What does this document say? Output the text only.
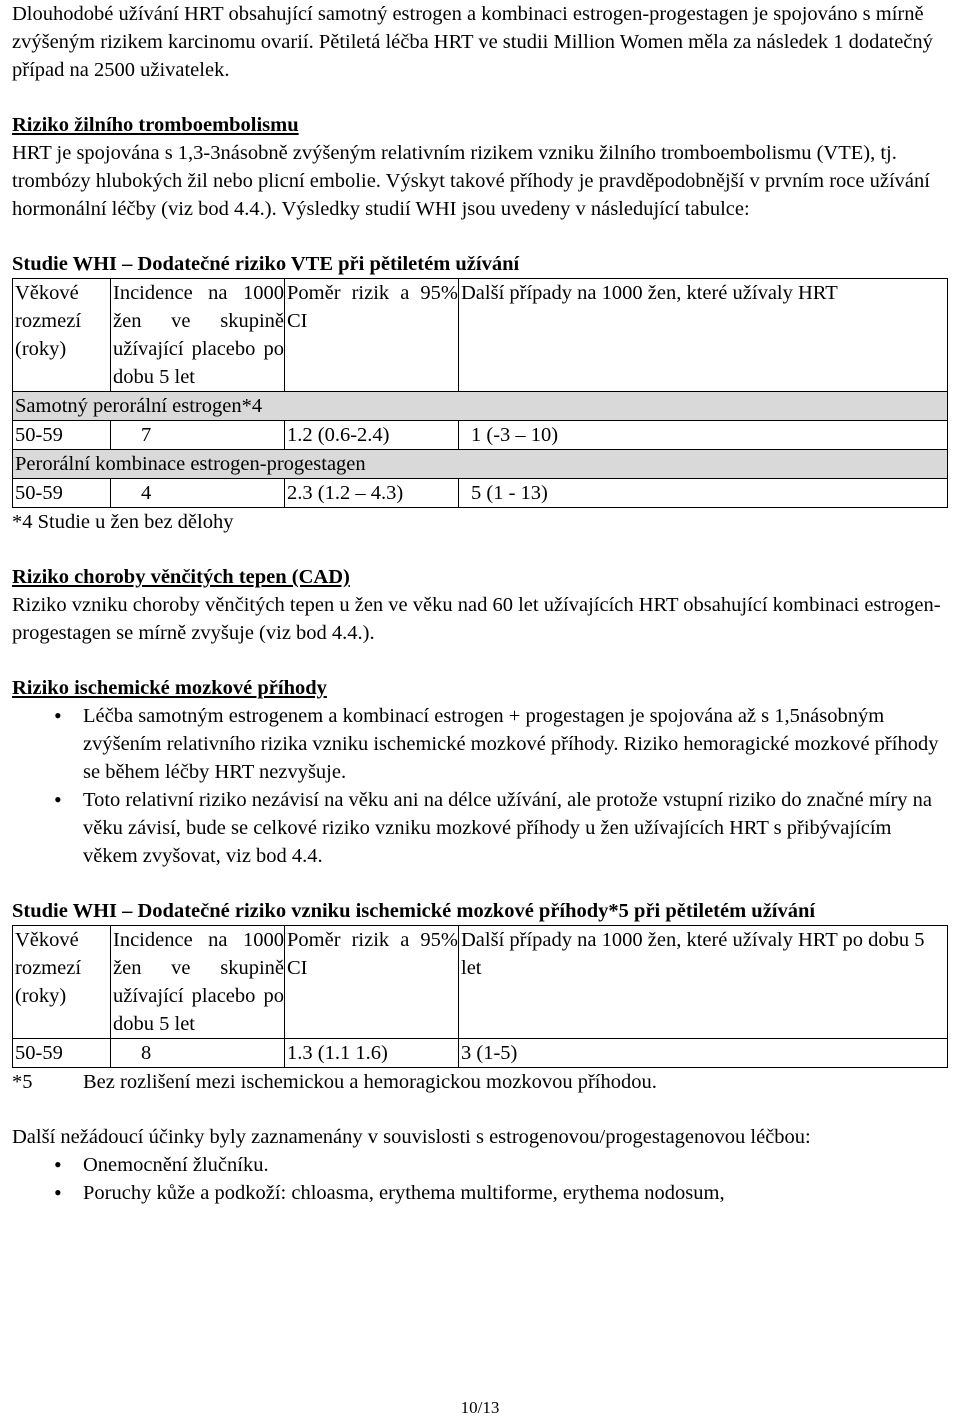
Dlouhodobé užívání HRT obsahující samotný estrogen a kombinaci estrogen-progestagen je spojováno s mírně zvýšeným rizikem karcinomu ovarií. Pětiletá léčba HRT ve studii Million Women měla za následek 1 dodatečný případ na 2500 uživatelek.

Riziko žilního tromboembolismu

HRT je spojována s 1,3-3násobně zvýšeným relativním rizikem vzniku žilního tromboembolismu (VTE), tj. trombózy hlubokých žil nebo plicní embolie. Výskyt takové příhody je pravděpodobnější v prvním roce užívání hormonální léčby (viz bod 4.4.). Výsledky studií WHI jsou uvedeny v následující tabulce:

Studie WHI – Dodatečné riziko VTE při pětiletém užívání

Věkové rozmezí (roky)	Incidence na 1000 žen ve skupině užívající placebo po dobu 5 let	Poměr rizik a 95% CI	Další případy na 1000 žen, které užívaly HRT
Samotný perorální estrogen*4			
50-59	7	1.2 (0.6-2.4)	1 (-3 – 10)
Perorální kombinace estrogen-progestagen			
50-59	4	2.3 (1.2 – 4.3)	5 (1 - 13)

*4 Studie u žen bez dělohy

Riziko choroby věnčitých tepen (CAD)

Riziko vzniku choroby věnčitých tepen u žen ve věku nad 60 let užívajících HRT obsahující kombinaci estrogen-progestagen se mírně zvyšuje (viz bod 4.4.).

Riziko ischemické mozkové příhody

• Léčba samotným estrogenem a kombinací estrogen + progestagen je spojována až s 1,5násobným zvýšením relativního rizika vzniku ischemické mozkové příhody. Riziko hemoragické mozkové příhody se během léčby HRT nezvyšuje.
• Toto relativní riziko nezávisí na věku ani na délce užívání, ale protože vstupní riziko do značné míry na věku závisí, bude se celkové riziko vzniku mozkové příhody u žen užívajících HRT s přibývajícím věkem zvyšovat, viz bod 4.4.

Studie WHI – Dodatečné riziko vzniku ischemické mozkové příhody*5 při pětiletém užívání

Věkové rozmezí (roky)	Incidence na 1000 žen ve skupině užívající placebo po dobu 5 let	Poměr rizik a 95% CI	Další případy na 1000 žen, které užívaly HRT po dobu 5 let
50-59	8	1.3 (1.1 1.6)	3 (1-5)
*5	Bez rozlišení mezi ischemickou a hemoragickou mozkovou příhodou.

Další nežádoucí účinky byly zaznamenány v souvislosti s estrogenovou/progestagenovou léčbou:

• Onemocnění žlučníku.
• Poruchy kůže a podkoží: chloasma, erythema multiforme, erythema nodosum,
10/13
